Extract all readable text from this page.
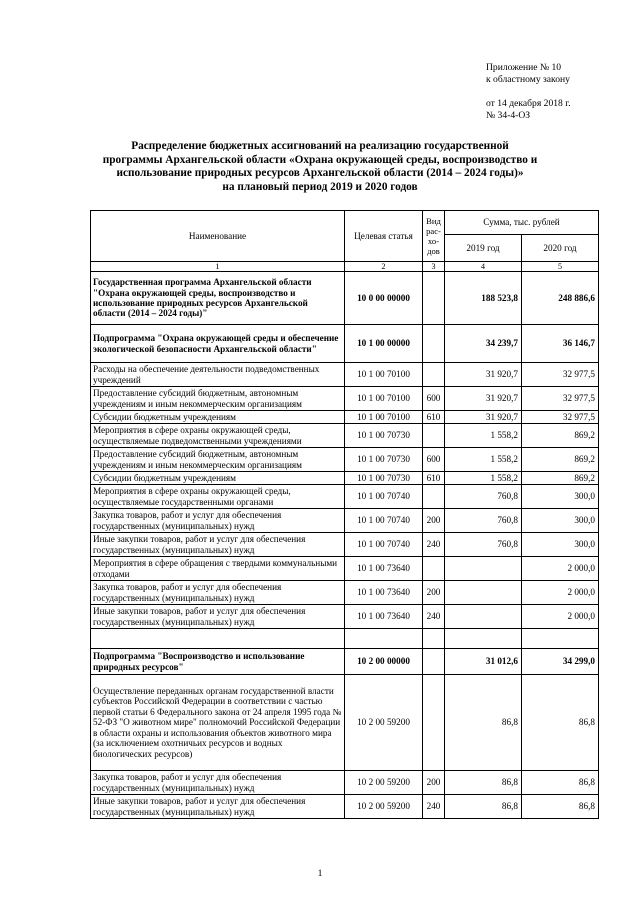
Приложение № 10
к областному закону
от 14 декабря 2018 г.
№ 34-4-ОЗ
Распределение бюджетных ассигнований на реализацию государственной
программы Архангельской области «Охрана окружающей среды, воспроизводство и
использование природных ресурсов Архангельской области (2014 – 2024 годы)»
на плановый период 2019 и 2020 годов
Наименование	Целевая статья	Вид рас-хо-дов	Сумма, тыс. рублей	
			2019 год	2020 год
1	2	3	4	5
Государственная программа Архангельской области "Охрана окружающей среды, воспроизводство и использование природных ресурсов Архангельской области (2014 – 2024 годы)"	10 0 00 00000		188 523,8	248 886,6
Подпрограмма "Охрана окружающей среды и обеспечение экологической безопасности Архангельской области"	10 1 00 00000		34 239,7	36 146,7
Расходы на обеспечение деятельности подведомственных учреждений	10 1 00 70100		31 920,7	32 977,5
Предоставление субсидий бюджетным, автономным учреждениям и иным некоммерческим организациям	10 1 00 70100	600	31 920,7	32 977,5
Субсидии бюджетным учреждениям	10 1 00 70100	610	31 920,7	32 977,5
Мероприятия в сфере охраны окружающей среды, осуществляемые подведомственными учреждениями	10 1 00 70730		1 558,2	869,2
Предоставление субсидий бюджетным, автономным учреждениям и иным некоммерческим организациям	10 1 00 70730	600	1 558,2	869,2
Субсидии бюджетным учреждениям	10 1 00 70730	610	1 558,2	869,2
Мероприятия в сфере охраны окружающей среды, осуществляемые государственными органами	10 1 00 70740		760,8	300,0
Закупка товаров, работ и услуг для обеспечения государственных (муниципальных) нужд	10 1 00 70740	200	760,8	300,0
Иные закупки товаров, работ и услуг для обеспечения государственных (муниципальных) нужд	10 1 00 70740	240	760,8	300,0
Мероприятия в сфере обращения с твердыми коммунальными отходами	10 1 00 73640			2 000,0
Закупка товаров, работ и услуг для обеспечения государственных (муниципальных) нужд	10 1 00 73640	200		2 000,0
Иные закупки товаров, работ и услуг для обеспечения государственных (муниципальных) нужд	10 1 00 73640	240		2 000,0

Подпрограмма "Воспроизводство и использование природных ресурсов"	10 2 00 00000		31 012,6	34 299,0
Осуществление переданных органам государственной власти субъектов Российской Федерации в соответствии с частью первой статьи 6 Федерального закона от 24 апреля 1995 года № 52-ФЗ "О животном мире" полномочий Российской Федерации в области охраны и использования объектов животного мира (за исключением охотничьих ресурсов и водных биологических ресурсов)	10 2 00 59200		86,8	86,8
Закупка товаров, работ и услуг для обеспечения государственных (муниципальных) нужд	10 2 00 59200	200	86,8	86,8
Иные закупки товаров, работ и услуг для обеспечения государственных (муниципальных) нужд	10 2 00 59200	240	86,8	86,8
1
